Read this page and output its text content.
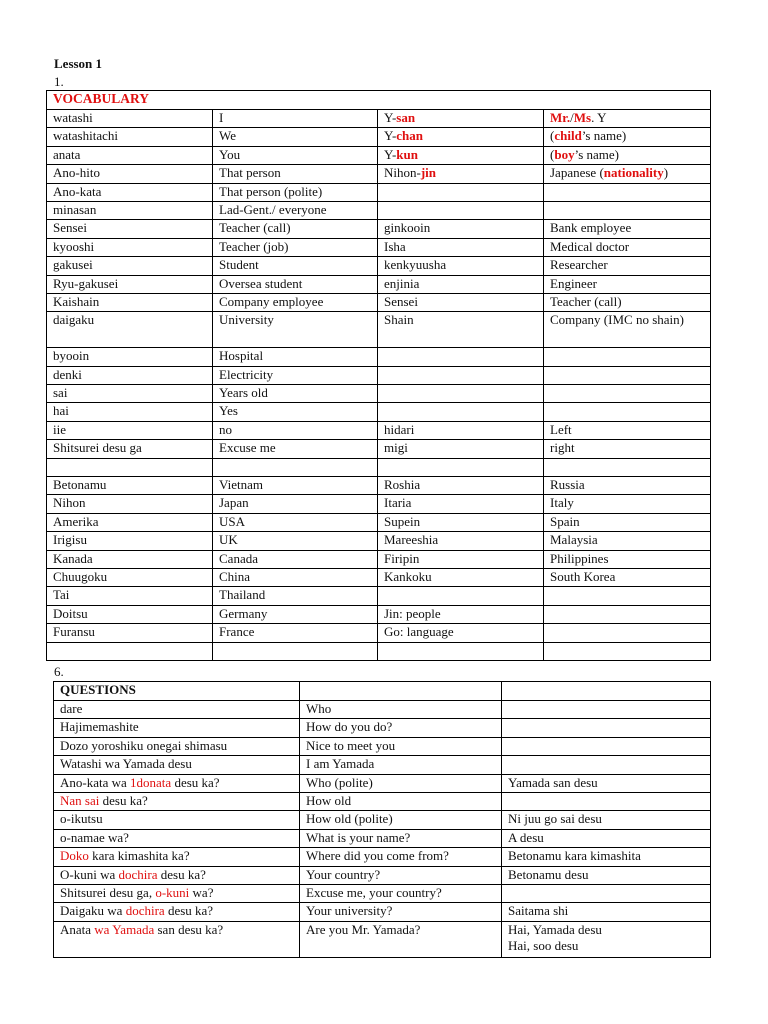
Lesson 1
1.
VOCABULARY			
watashi	I	Y-san	Mr./Ms. Y
watashitachi	We	Y-chan	(child’s name)
anata	You	Y-kun	(boy’s name)
Ano-hito	That person	Nihon-jin	Japanese (nationality)
Ano-kata	That person (polite)		
minasan	Lad-Gent./ everyone		
Sensei	Teacher (call)	ginkooin	Bank employee
kyooshi	Teacher (job)	Isha	Medical doctor
gakusei	Student	kenkyuusha	Researcher
Ryu-gakusei	Oversea student	enjinia	Engineer
Kaishain	Company employee	Sensei	Teacher (call)
daigaku	University	Shain	Company (IMC no shain)
byooin	Hospital		
denki	Electricity		
sai	Years old		
hai	Yes		
iie	no	hidari	Left
Shitsurei desu ga	Excuse me	migi	right

Betonamu	Vietnam	Roshia	Russia
Nihon	Japan	Itaria	Italy
Amerika	USA	Supein	Spain
Irigisu	UK	Mareeshia	Malaysia
Kanada	Canada	Firipin	Philippines
Chuugoku	China	Kankoku	South Korea
Tai	Thailand		
Doitsu	Germany	Jin: people	
Furansu	France	Go: language	

6.
QUESTIONS		
dare	Who	
Hajimemashite	How do you do?	
Dozo yoroshiku onegai shimasu	Nice to meet you	
Watashi wa Yamada desu	I am Yamada	
Ano-kata wa 1donata desu ka?	Who (polite)	Yamada san desu
Nan sai desu ka?	How old	
o-ikutsu	How old (polite)	Ni juu go sai desu
o-namae wa?	What is your name?	A desu
Doko kara kimashita ka?	Where did you come from?	Betonamu kara kimashita
O-kuni wa dochira desu ka?	Your country?	Betonamu desu
Shitsurei desu ga, o-kuni wa?	Excuse me, your country?	
Daigaku wa dochira desu ka?	Your university?	Saitama shi
Anata wa Yamada san desu ka?	Are you Mr. Yamada?	Hai, Yamada desu
Hai, soo desu
